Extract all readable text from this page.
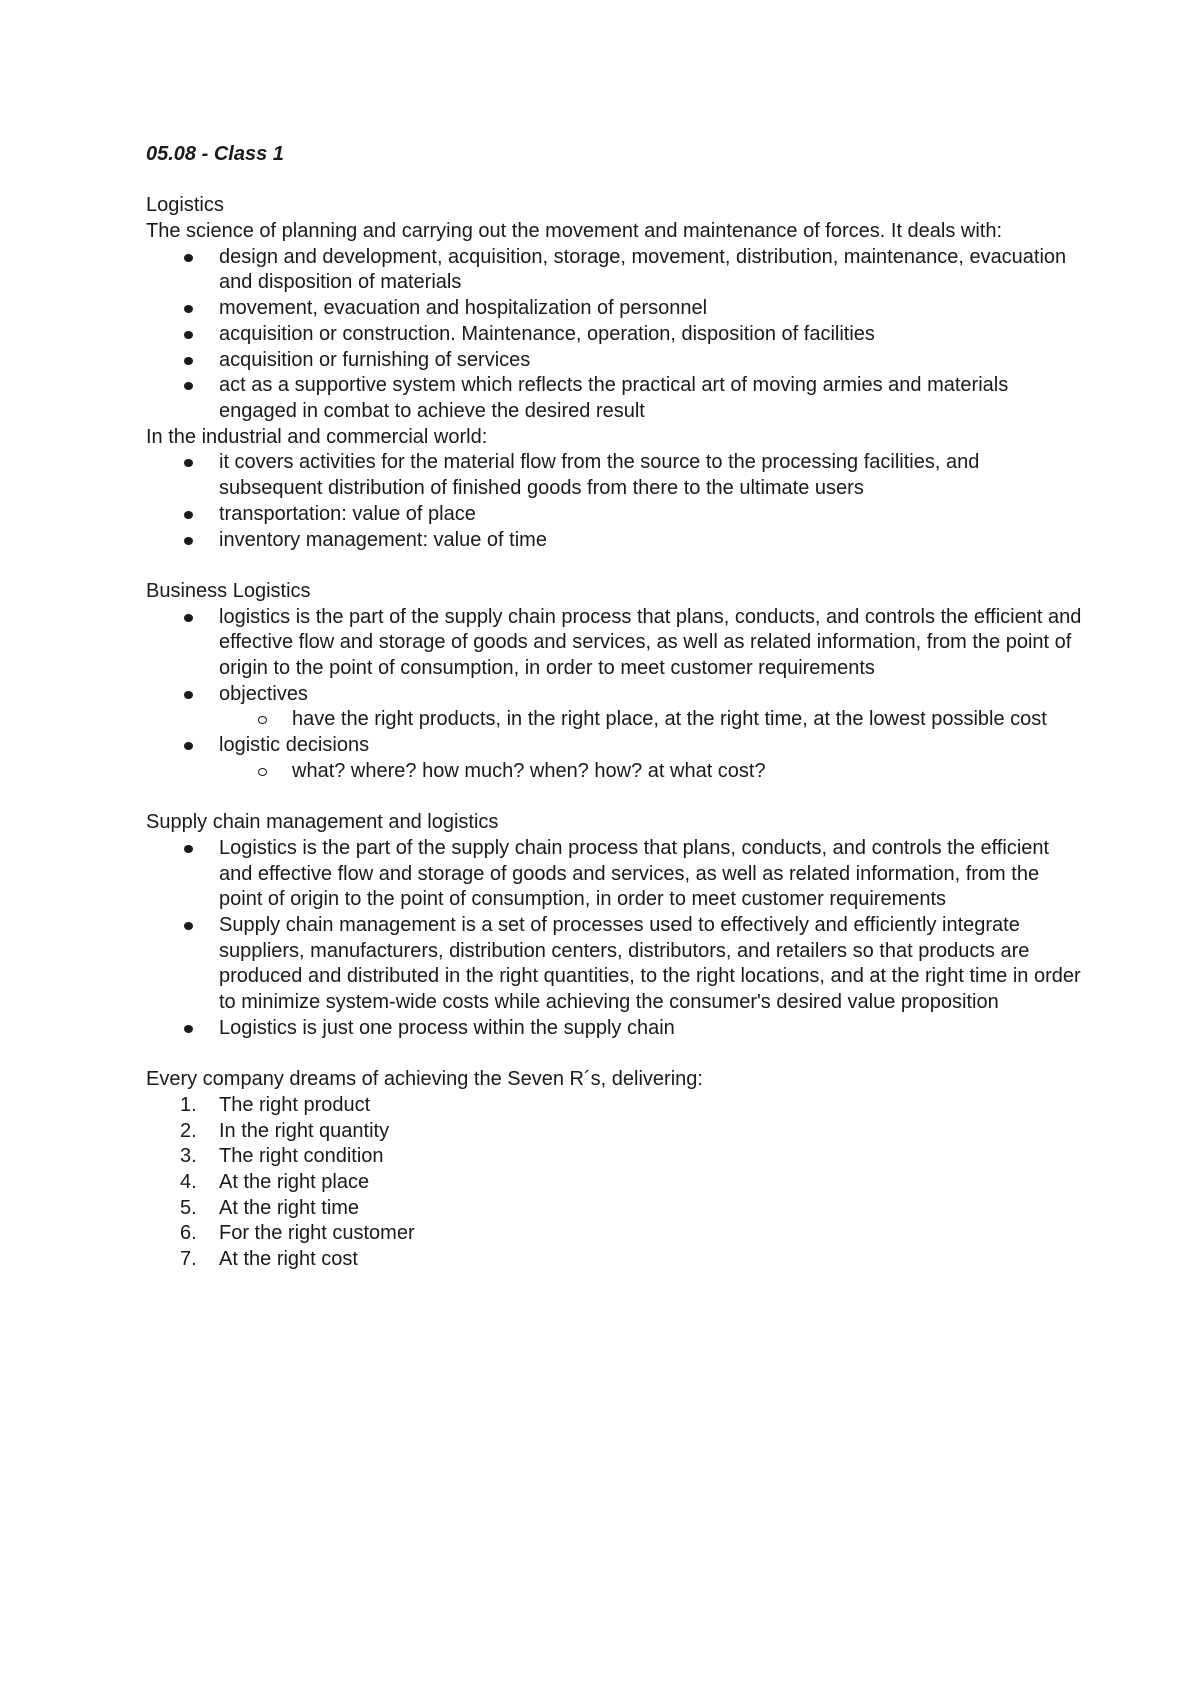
05.08 - Class 1

Logistics

The science of planning and carrying out the movement and maintenance of forces. It deals with:

design and development, acquisition, storage, movement, distribution, maintenance, evacuation and disposition of materials
movement, evacuation and hospitalization of personnel
acquisition or construction. Maintenance, operation, disposition of facilities
acquisition or furnishing of services
act as a supportive system which reflects the practical art of moving armies and materials engaged in combat to achieve the desired result

In the industrial and commercial world:

it covers activities for the material flow from the source to the processing facilities, and subsequent distribution of finished goods from there to the ultimate users
transportation: value of place
inventory management: value of time

Business Logistics

logistics is the part of the supply chain process that plans, conducts, and controls the efficient and effective flow and storage of goods and services, as well as related information, from the point of origin to the point of consumption, in order to meet customer requirements
objectives
have the right products, in the right place, at the right time, at the lowest possible cost
logistic decisions
what? where? how much? when? how? at what cost?

Supply chain management and logistics

Logistics is the part of the supply chain process that plans, conducts, and controls the efficient and effective flow and storage of goods and services, as well as related information, from the point of origin to the point of consumption, in order to meet customer requirements
Supply chain management is a set of processes used to effectively and efficiently integrate suppliers, manufacturers, distribution centers, distributors, and retailers so that products are produced and distributed in the right quantities, to the right locations, and at the right time in order to minimize system-wide costs while achieving the consumer's desired value proposition
Logistics is just one process within the supply chain

Every company dreams of achieving the Seven R´s, delivering:

1.	The right product
2.	In the right quantity
3.	The right condition
4.	At the right place
5.	At the right time
6.	For the right customer
7.	At the right cost
